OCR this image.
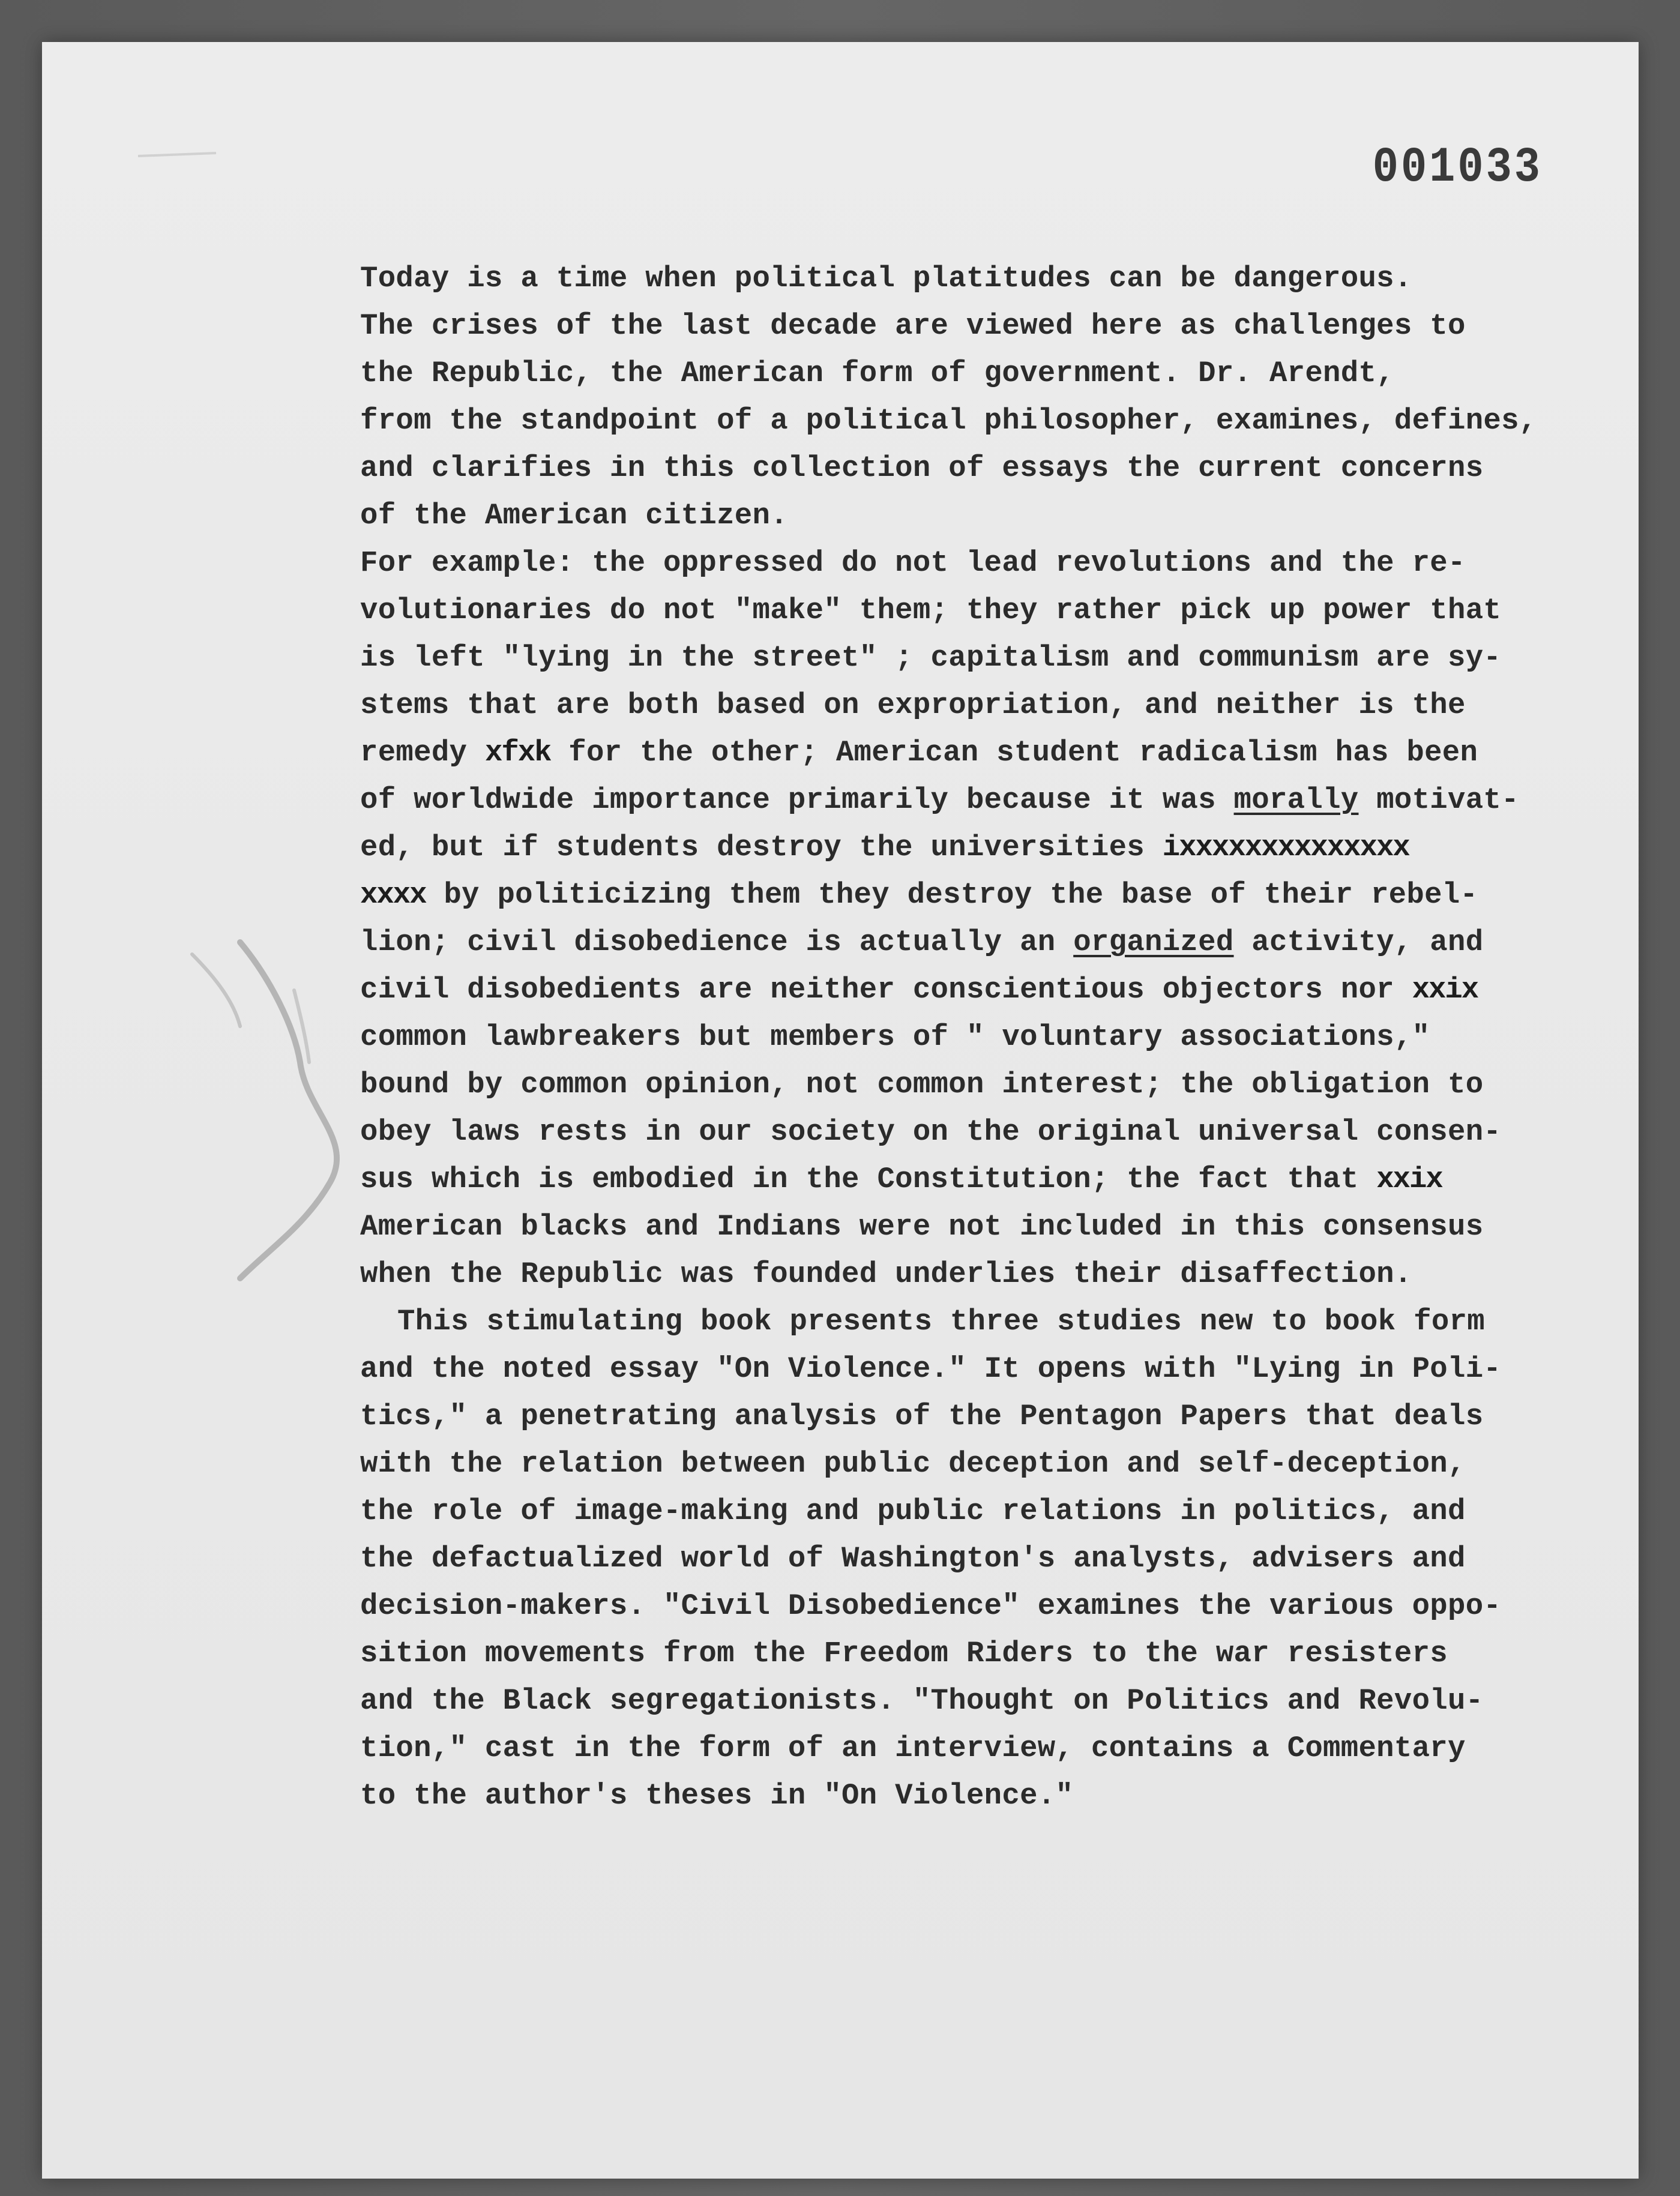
001033
Today is a time when political platitudes can be dangerous.
The crises of the last decade are viewed here as challenges to
the Republic, the American form of government. Dr. Arendt,
from the standpoint of a political philosopher, examines, defines,
and clarifies in this collection of essays the current concerns
of the American citizen.
For example: the oppressed do not lead revolutions and the re-
volutionaries do not "make" them; they rather pick up power that
is left "lying in the street" ; capitalism and communism are sy-
stems that are both based on expropriation, and neither is the
remedy xfxk for the other; American student radicalism has been
of worldwide importance primarily because it was morally motivat-
ed, but if students destroy the universities ixxxxxxxxxxxxxx
xxxx by politicizing them they destroy the base of their rebel-
lion; civil disobedience is actually an organized activity, and
civil disobedients are neither conscientious objectors nor xxix
common lawbreakers but members of " voluntary associations,"
bound by common opinion, not common interest; the obligation to
obey laws rests in our society on the original universal consen-
sus which is embodied in the Constitution; the fact that xxix
American blacks and Indians were not included in this consensus
when the Republic was founded underlies their disaffection.
This stimulating book presents three studies new to book form
and the noted essay "On Violence." It opens with "Lying in Poli-
tics," a penetrating analysis of the Pentagon Papers that deals
with the relation between public deception and self-deception,
the role of image-making and public relations in politics, and
the defactualized world of Washington's analysts, advisers and
decision-makers. "Civil Disobedience" examines the various oppo-
sition movements from the Freedom Riders to the war resisters
and the Black segregationists. "Thought on Politics and Revolu-
tion," cast in the form of an interview, contains a Commentary
to the author's theses in "On Violence."
